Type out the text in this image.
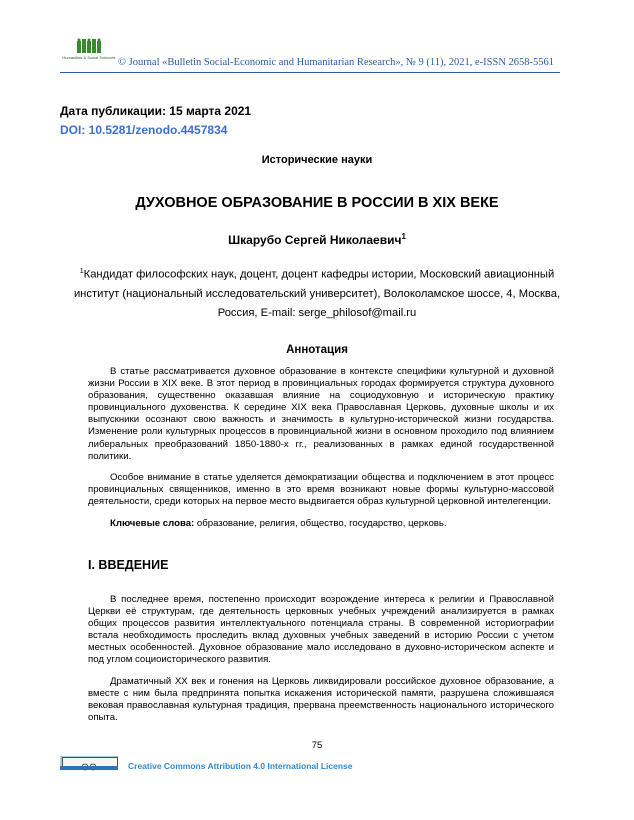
Humanities & Social Sciences © Journal «Bulletin Social-Economic and Humanitarian Research», № 9 (11), 2021, e-ISSN 2658-5561
Дата публикации: 15 марта 2021
DOI: 10.5281/zenodo.4457834
Исторические науки
ДУХОВНОЕ ОБРАЗОВАНИЕ В РОССИИ В XIX ВЕКЕ
Шкарубо Сергей Николаевич$^1$
$^1$Кандидат философских наук, доцент, доцент кафедры истории, Московский авиационный институт (национальный исследовательский университет), Волоколамское шоссе, 4, Москва, Россия, E-mail: serge_philosof@mail.ru
Аннотация
В статье рассматривается духовное образование в контексте специфики культурной и духовной жизни России в XIX веке. В этот период в провинциальных городах формируется структура духовного образования, существенно оказавшая влияние на социодуховную и историческую практику провинциального духовенства. К середине XIX века Православная Церковь, духовные школы и их выпускники осознают свою важность и значимость в культурно-исторической жизни государства. Изменение роли культурных процессов в провинциальной жизни в основном проходило под влиянием либеральных преобразований 1850-1880-х гг., реализованных в рамках единой государственной политики.
Особое внимание в статье уделяется демократизации общества и подключением в этот процесс провинциальных священников, именно в это время возникают новые формы культурно-массовой деятельности, среди которых на первое место выдвигается образ культурной церковной интелегенции.
Ключевые слова: образование, религия, общество, государство, церковь.
I. ВВЕДЕНИЕ
В последнее время, постепенно происходит возрождение интереса к религии и Православной Церкви её структурам, где деятельность церковных учебных учреждений анализируется в рамках общих процессов развития интеллектуального потенциала страны. В современной историографии встала необходимость проследить вклад духовных учебных заведений в историю России с учетом местных особенностей. Духовное образование мало исследовано в духовно-историческом аспекте и под углом социоисторического развития.
Драматичный XX век и гонения на Церковь ликвидировали российское духовное образование, а вместе с ним была предпринята попытка искажения исторической памяти, разрушена сложившаяся вековая православная культурная традиция, прервана преемственность национального исторического опыта.
75
Creative Commons Attribution 4.0 International License
